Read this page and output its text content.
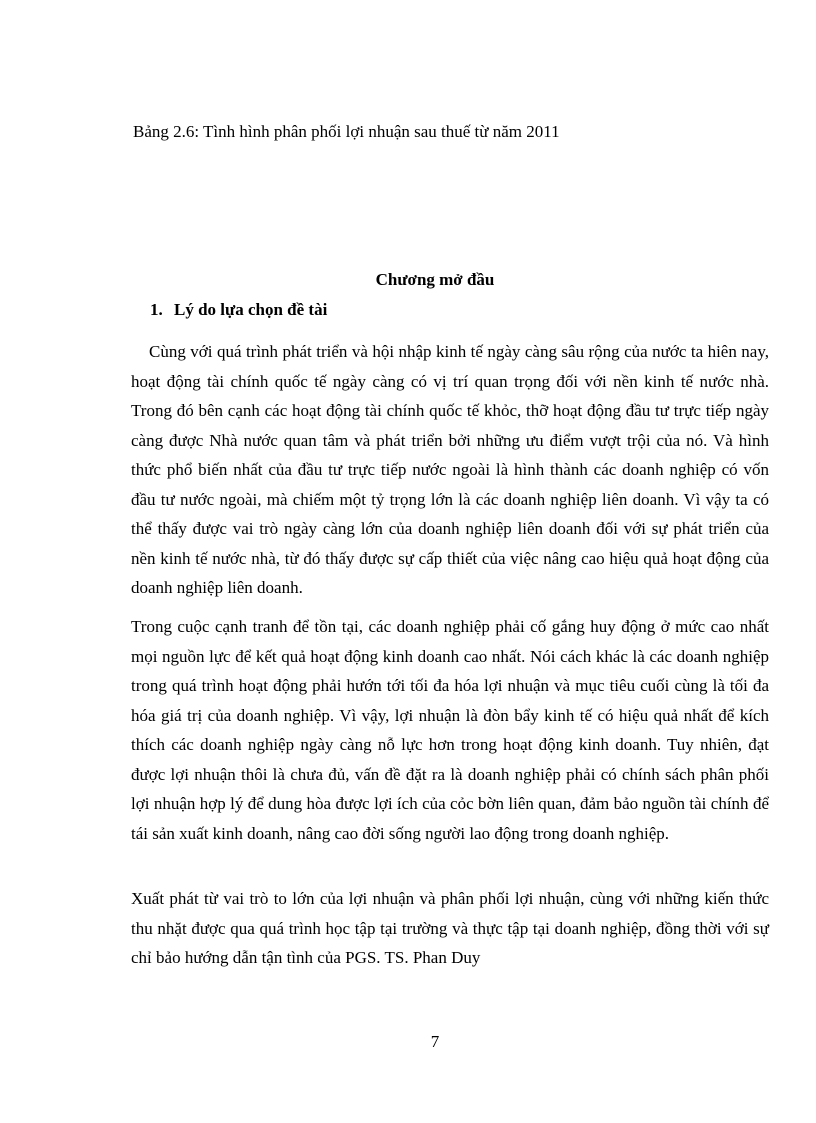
Bảng 2.6: Tình hình phân phối lợi nhuận sau thuế từ năm 2011
Chương mở đầu
1. Lý do lựa chọn đề tài

Cùng với quá trình phát triển và hội nhập kinh tế ngày càng sâu rộng của nước ta hiên nay, hoạt động tài chính quốc tế ngày càng có vị trí quan trọng đối với nền kinh tế nước nhà. Trong đó bên cạnh các hoạt động tài chính quốc tế khỏc, thỡ hoạt động đầu tư trực tiếp ngày càng được Nhà nước quan tâm và phát triển bởi những ưu điểm vượt trội của nó. Và hình thức phổ biến nhất của đầu tư trực tiếp nước ngoài là hình thành các doanh nghiệp có vốn đầu tư nước ngoài, mà chiếm một tỷ trọng lớn là các doanh nghiệp liên doanh. Vì vậy ta có thể thấy được vai trò ngày càng lớn của doanh nghiệp liên doanh đối với sự phát triển của nền kinh tế nước nhà, từ đó thấy được sự cấp thiết của việc nâng cao hiệu quả hoạt động của doanh nghiệp liên doanh.

Trong cuộc cạnh tranh để tồn tại, các doanh nghiệp phải cố gắng huy động ở mức cao nhất mọi nguồn lực để kết quả hoạt động kinh doanh cao nhất. Nói cách khác là các doanh nghiệp trong quá trình hoạt động phải hướn tới tối đa hóa lợi nhuận và mục tiêu cuối cùng là tối đa hóa giá trị của doanh nghiệp. Vì vậy, lợi nhuận là đòn bẩy kinh tế có hiệu quả nhất để kích thích các doanh nghiệp ngày càng nỗ lực hơn trong hoạt động kinh doanh. Tuy nhiên, đạt được lợi nhuận thôi là chưa đủ, vấn đề đặt ra là doanh nghiệp phải có chính sách phân phối lợi nhuận hợp lý để dung hòa được lợi ích của cỏc bờn liên quan, đảm bảo nguồn tài chính để tái sản xuất kinh doanh, nâng cao đời sống người lao động trong doanh nghiệp.

Xuất phát từ vai trò to lớn của lợi nhuận và phân phối lợi nhuận, cùng với những kiến thức thu nhặt được qua quá trình học tập tại trường và thực tập tại doanh nghiệp, đồng thời với sự chỉ bảo hướng dẫn tận tình của PGS. TS. Phan Duy

7
